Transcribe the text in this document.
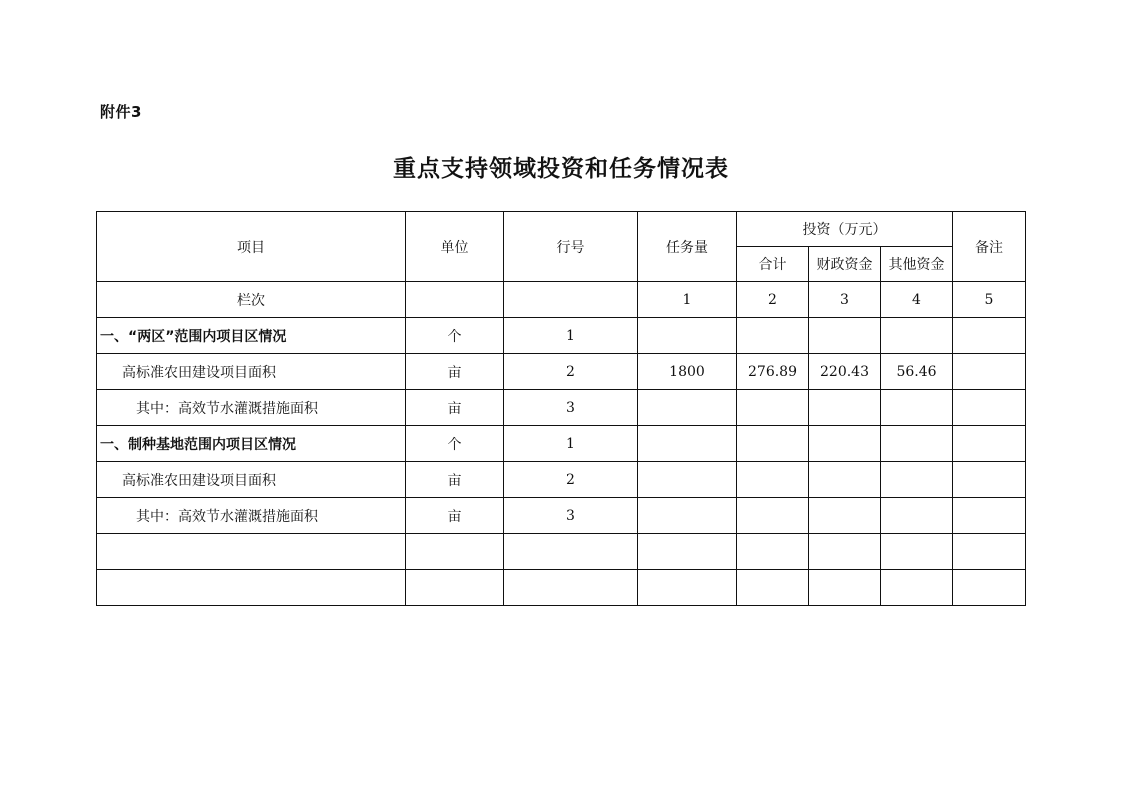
附件3
重点支持领域投资和任务情况表
项目	单位	行号	任务量	投资（万元）			备注
				合计	财政资金	其他资金	
栏次			1	2	3	4	5
一、“两区”范围内项目区情况	个	1					
高标准农田建设项目面积	亩	2	1800	276.89	220.43	56.46	
其中：高效节水灌溉措施面积	亩	3					
一、制种基地范围内项目区情况	个	1					
高标准农田建设项目面积	亩	2					
其中：高效节水灌溉措施面积	亩	3					
